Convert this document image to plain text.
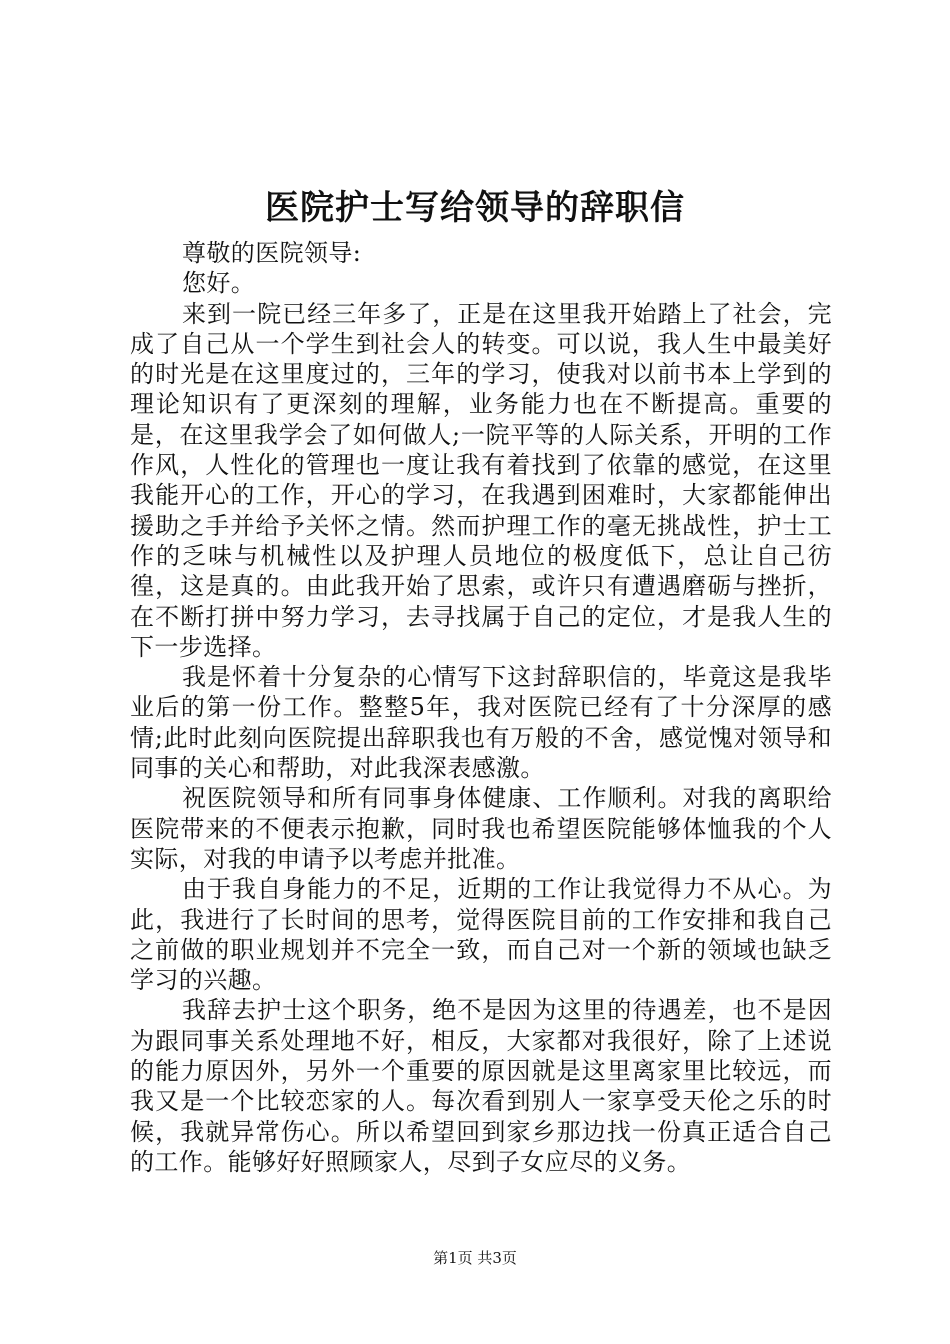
医院护士写给领导的辞职信

尊敬的医院领导:

您好。

来到一院已经三年多了，正是在这里我开始踏上了社会，完成了自己从一个学生到社会人的转变。可以说，我人生中最美好的时光是在这里度过的，三年的学习，使我对以前书本上学到的理论知识有了更深刻的理解，业务能力也在不断提高。重要的是，在这里我学会了如何做人;一院平等的人际关系，开明的工作作风，人性化的管理也一度让我有着找到了依靠的感觉，在这里我能开心的工作，开心的学习，在我遇到困难时，大家都能伸出援助之手并给予关怀之情。然而护理工作的毫无挑战性，护士工作的乏味与机械性以及护理人员地位的极度低下，总让自己彷徨，这是真的。由此我开始了思索，或许只有遭遇磨砺与挫折，在不断打拼中努力学习，去寻找属于自己的定位，才是我人生的下一步选择。

我是怀着十分复杂的心情写下这封辞职信的，毕竟这是我毕业后的第一份工作。整整5年，我对医院已经有了十分深厚的感情;此时此刻向医院提出辞职我也有万般的不舍，感觉愧对领导和同事的关心和帮助，对此我深表感激。

祝医院领导和所有同事身体健康、工作顺利。对我的离职给医院带来的不便表示抱歉，同时我也希望医院能够体恤我的个人实际，对我的申请予以考虑并批准。

由于我自身能力的不足，近期的工作让我觉得力不从心。为此，我进行了长时间的思考，觉得医院目前的工作安排和我自己之前做的职业规划并不完全一致，而自己对一个新的领域也缺乏学习的兴趣。

我辞去护士这个职务，绝不是因为这里的待遇差，也不是因为跟同事关系处理地不好，相反，大家都对我很好，除了上述说的能力原因外，另外一个重要的原因就是这里离家里比较远，而我又是一个比较恋家的人。每次看到别人一家享受天伦之乐的时候，我就异常伤心。所以希望回到家乡那边找一份真正适合自己的工作。能够好好照顾家人，尽到子女应尽的义务。

第1页 共3页
